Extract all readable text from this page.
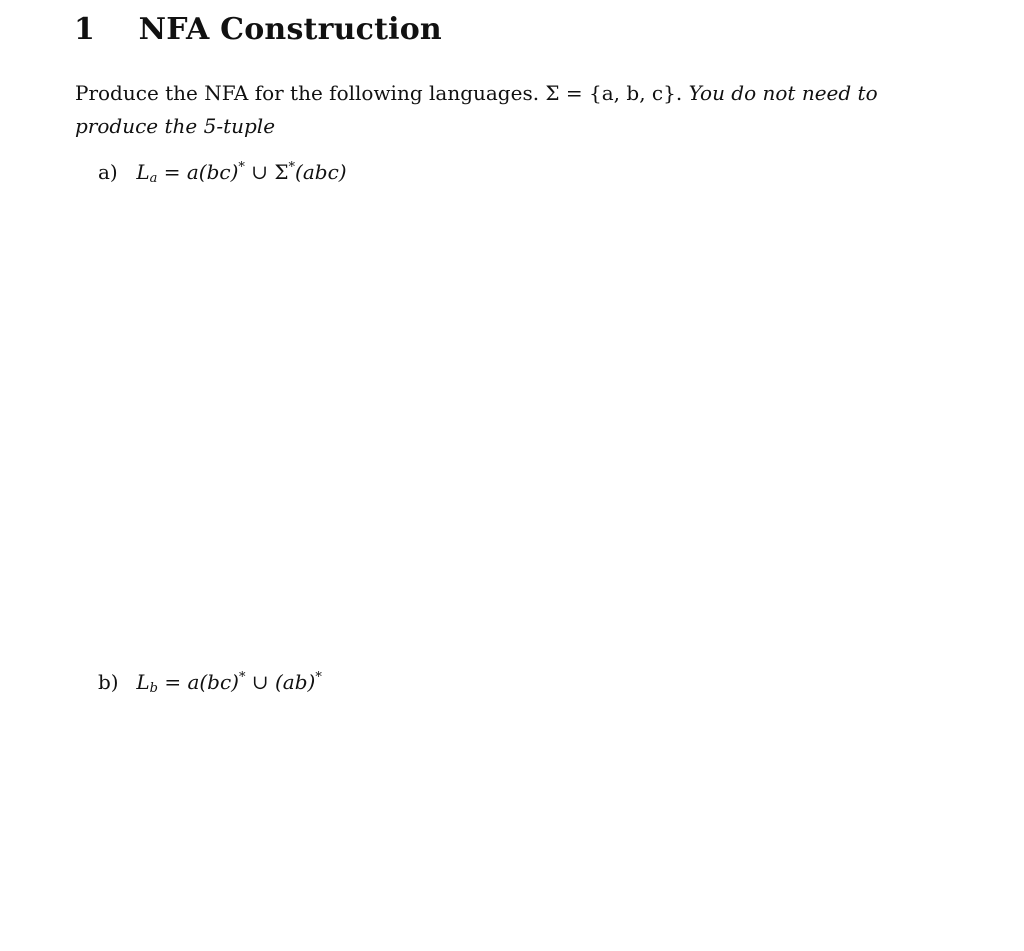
1 NFA Construction
Produce the NFA for the following languages. Σ = {a, b, c}. You do not need to produce the 5-tuple
a) $L_a = a(bc)^*$ ∪ Σ*(abc)
b) $L_b = a(bc)^*$ ∪ (ab)*
